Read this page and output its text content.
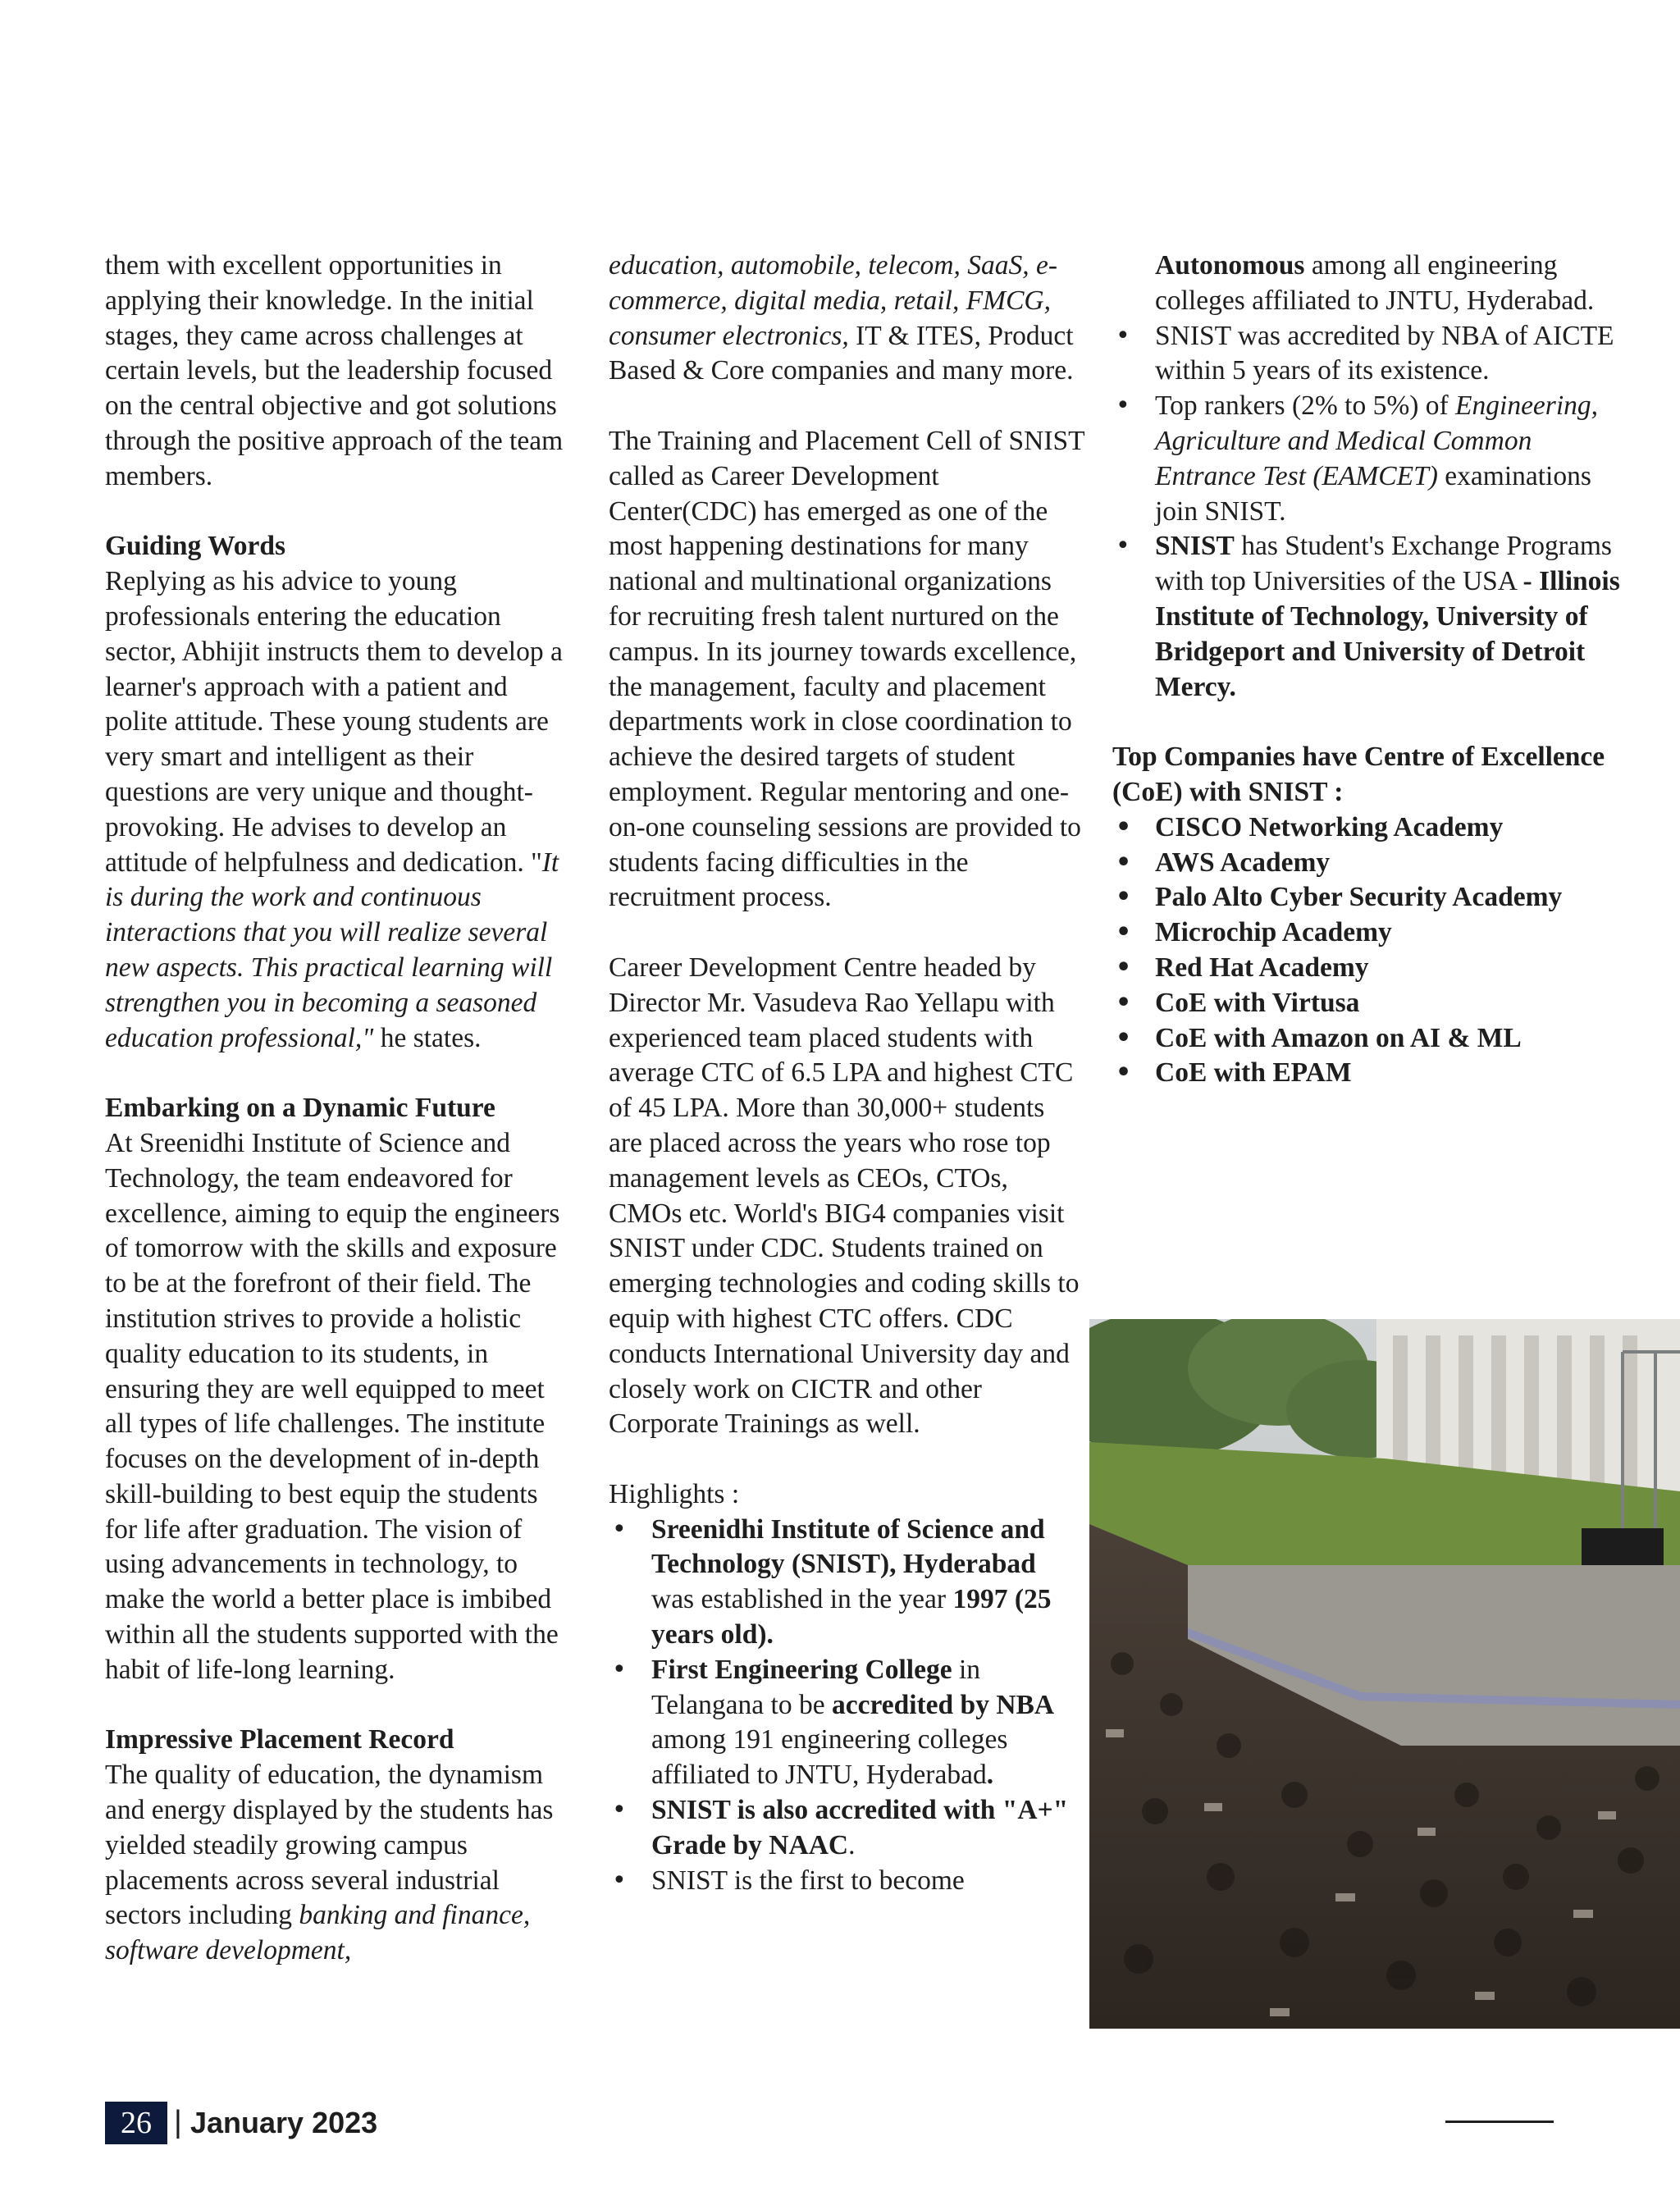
them with excellent opportunities in applying their knowledge. In the initial stages, they came across challenges at certain levels, but the leadership focused on the central objective and got solutions through the positive approach of the team members.

Guiding Words

Replying as his advice to young professionals entering the education sector, Abhijit instructs them to develop a learner's approach with a patient and polite attitude. These young students are very smart and intelligent as their questions are very unique and thought-provoking. He advises to develop an attitude of helpfulness and dedication. "It is during the work and continuous interactions that you will realize several new aspects. This practical learning will strengthen you in becoming a seasoned education professional," he states.

Embarking on a Dynamic Future

At Sreenidhi Institute of Science and Technology, the team endeavored for excellence, aiming to equip the engineers of tomorrow with the skills and exposure to be at the forefront of their field. The institution strives to provide a holistic quality education to its students, in ensuring they are well equipped to meet all types of life challenges. The institute focuses on the development of in-depth skill-building to best equip the students for life after graduation. The vision of using advancements in technology, to make the world a better place is imbibed within all the students supported with the habit of life-long learning.

Impressive Placement Record

The quality of education, the dynamism and energy displayed by the students has yielded steadily growing campus placements across several industrial sectors including banking and finance, software development,

education, automobile, telecom, SaaS, e-commerce, digital media, retail, FMCG, consumer electronics, IT & ITES, Product Based & Core companies and many more.

The Training and Placement Cell of SNIST called as Career Development Center(CDC) has emerged as one of the most happening destinations for many national and multinational organizations for recruiting fresh talent nurtured on the campus. In its journey towards excellence, the management, faculty and placement departments work in close coordination to achieve the desired targets of student employment. Regular mentoring and one-on-one counseling sessions are provided to students facing difficulties in the recruitment process.

Career Development Centre headed by Director Mr. Vasudeva Rao Yellapu with experienced team placed students with average CTC of 6.5 LPA and highest CTC of 45 LPA. More than 30,000+ students are placed across the years who rose top management levels as CEOs, CTOs, CMOs etc. World's BIG4 companies visit SNIST under CDC. Students trained on emerging technologies and coding skills to equip with highest CTC offers. CDC conducts International University day and closely work on CICTR and other Corporate Trainings as well.

Highlights :

• Sreenidhi Institute of Science and Technology (SNIST), Hyderabad was established in the year 1997 (25 years old).
• First Engineering College in Telangana to be accredited by NBA among 191 engineering colleges affiliated to JNTU, Hyderabad.
• SNIST is also accredited with "A+" Grade by NAAC.
• SNIST is the first to become
Autonomous among all engineering colleges affiliated to JNTU, Hyderabad.
• SNIST was accredited by NBA of AICTE within 5 years of its existence.
• Top rankers (2% to 5%) of Engineering, Agriculture and Medical Common Entrance Test (EAMCET) examinations join SNIST.
• SNIST has Student's Exchange Programs with top Universities of the USA - Illinois Institute of Technology, University of Bridgeport and University of Detroit Mercy.

Top Companies have Centre of Excellence (CoE) with SNIST :

• CISCO Networking Academy
• AWS Academy
• Palo Alto Cyber Security Academy
• Microchip Academy
• Red Hat Academy
• CoE with Virtusa
• CoE with Amazon on AI & ML
• CoE with EPAM
26 | January 2023
